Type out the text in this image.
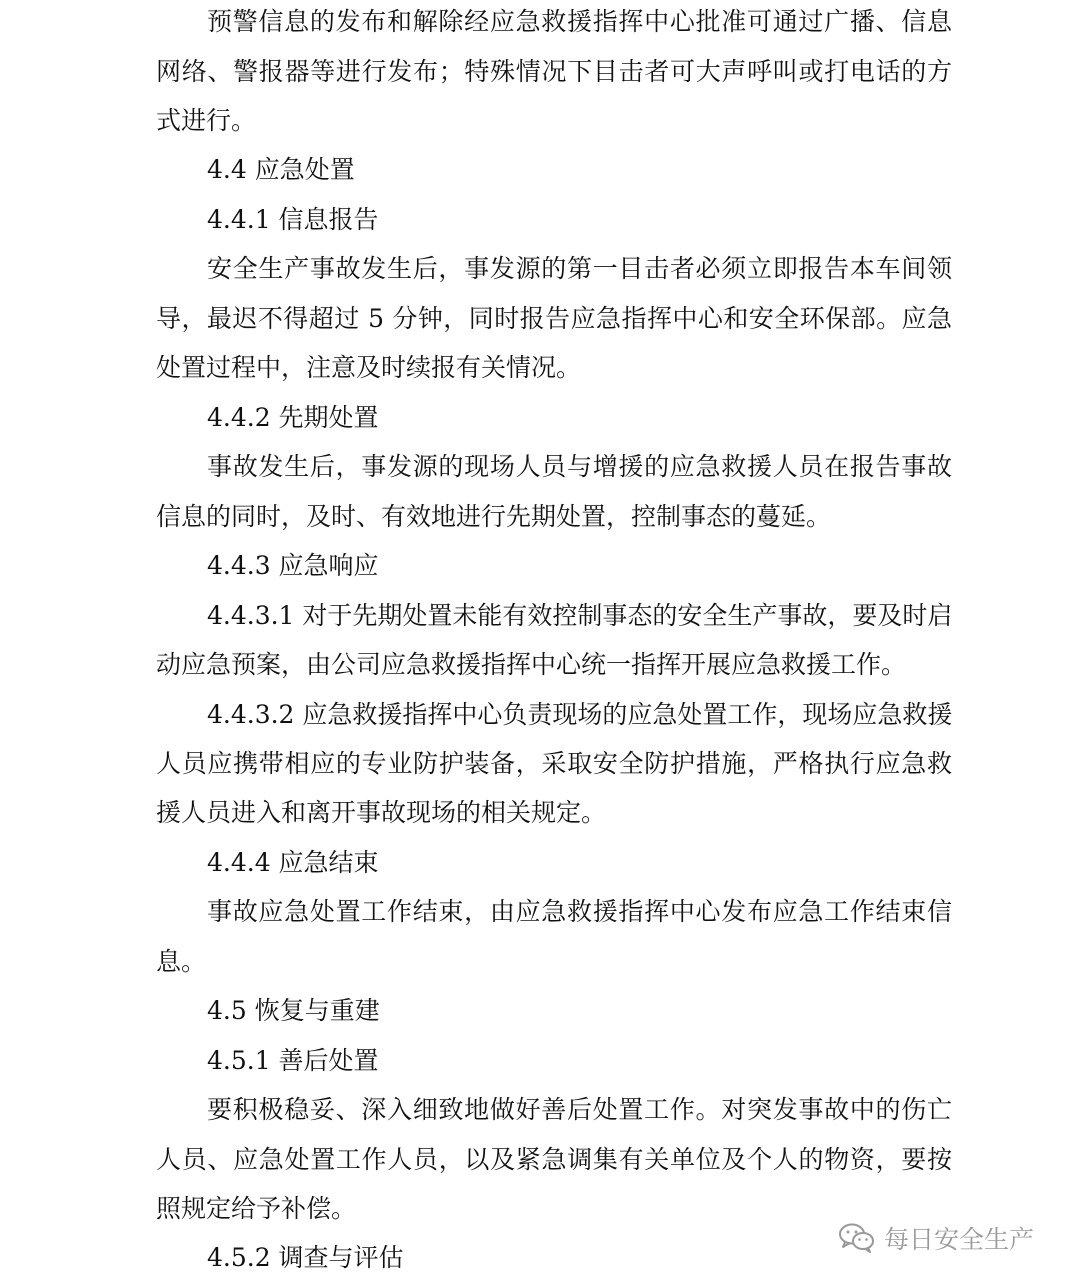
预警信息的发布和解除经应急救援指挥中心批准可通过广播、信息
网络、警报器等进行发布；特殊情况下目击者可大声呼叫或打电话的方
式进行。
4.4 应急处置
4.4.1 信息报告
安全生产事故发生后，事发源的第一目击者必须立即报告本车间领
导，最迟不得超过 5 分钟，同时报告应急指挥中心和安全环保部。应急
处置过程中，注意及时续报有关情况。
4.4.2 先期处置
事故发生后，事发源的现场人员与增援的应急救援人员在报告事故
信息的同时，及时、有效地进行先期处置，控制事态的蔓延。
4.4.3 应急响应
4.4.3.1 对于先期处置未能有效控制事态的安全生产事故，要及时启
动应急预案，由公司应急救援指挥中心统一指挥开展应急救援工作。
4.4.3.2 应急救援指挥中心负责现场的应急处置工作，现场应急救援
人员应携带相应的专业防护装备，采取安全防护措施，严格执行应急救
援人员进入和离开事故现场的相关规定。
4.4.4 应急结束
事故应急处置工作结束，由应急救援指挥中心发布应急工作结束信
息。
4.5 恢复与重建
4.5.1 善后处置
要积极稳妥、深入细致地做好善后处置工作。对突发事故中的伤亡
人员、应急处置工作人员，以及紧急调集有关单位及个人的物资，要按
照规定给予补偿。
4.5.2 调查与评估
每日安全生产
